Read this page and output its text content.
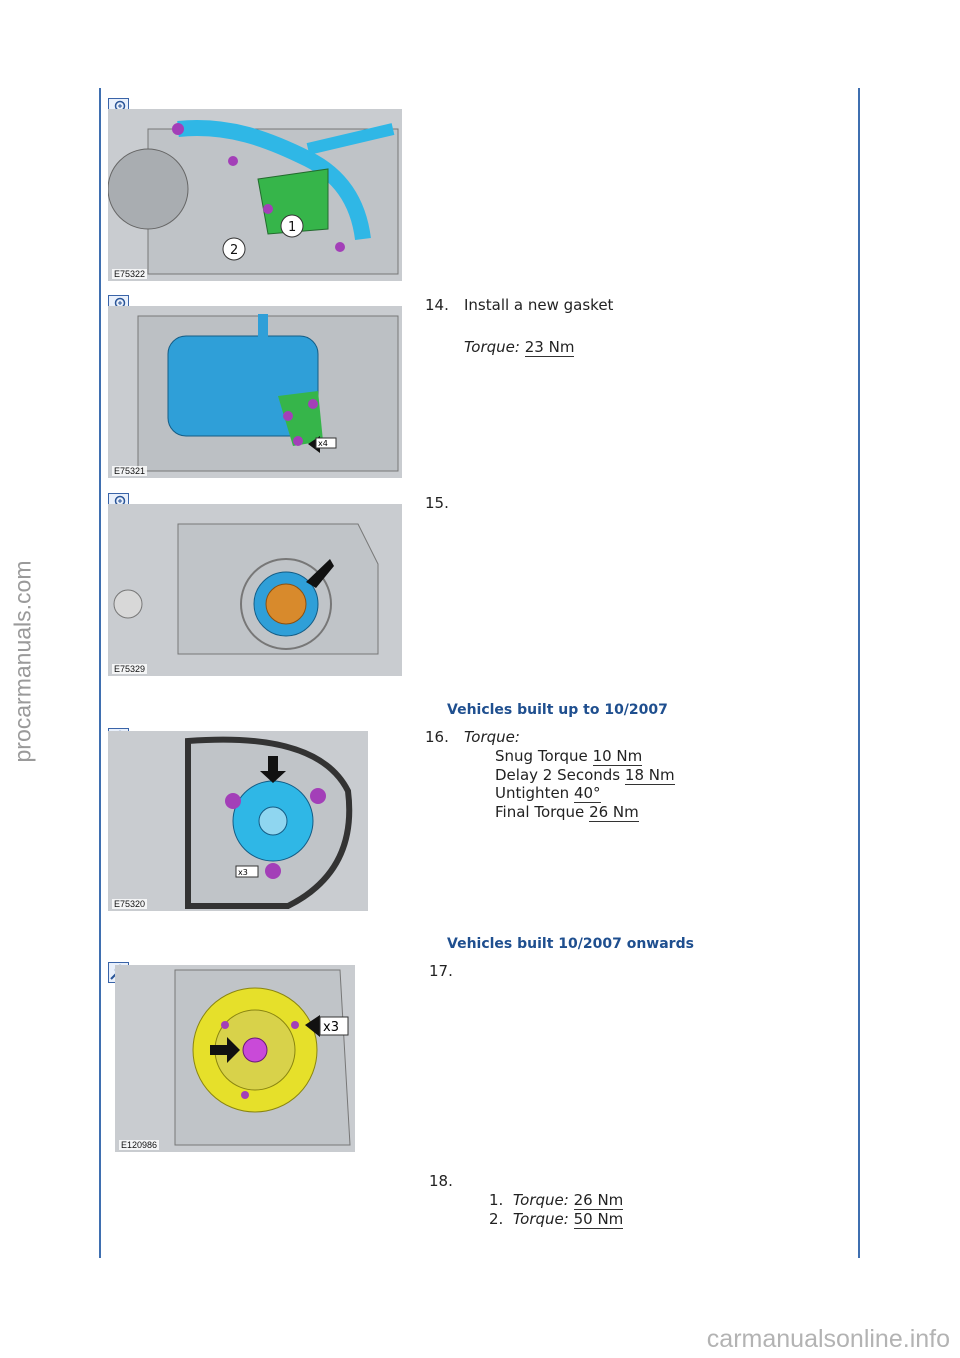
procarmanuals.com
carmanualsonline.info
1
2
E75322
x4
E75321
14. Install a new gasket
Torque: 23 Nm
E75329
15.
Vehicles built up to 10/2007
x3
E75320
16. Torque:
Snug Torque 10 Nm
Delay 2 Seconds 18 Nm
Untighten 40°
Final Torque 26 Nm
Vehicles built 10/2007 onwards
x3
E120986
17.
18.
1. Torque: 26 Nm
2. Torque: 50 Nm
